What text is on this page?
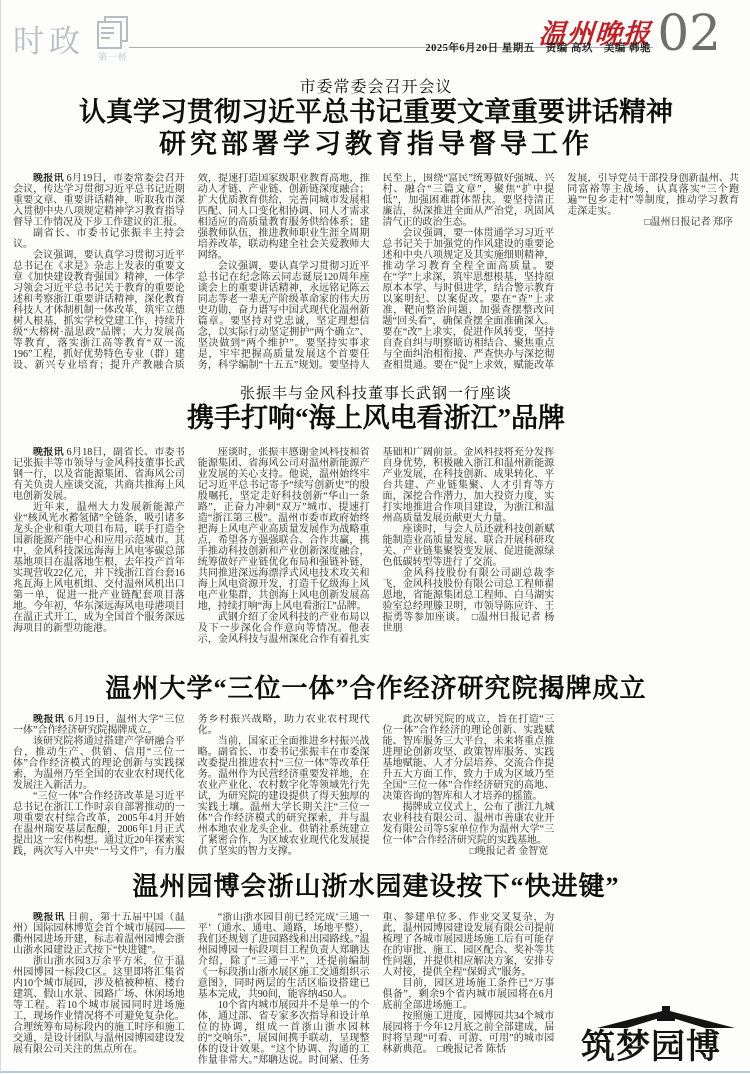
时政 第一桥
温州晚报
2025年6月20日 星期五　责编 高玖　美编 韩驰 02
市委常委会召开会议
认真学习贯彻习近平总书记重要文章重要讲话精神
研究部署学习教育指导督导工作

晚报讯 6月19日，市委常委会召开会议，传达学习贯彻习近平总书记近期重要文章、重要讲话精神，听取我市深入贯彻中央八项规定精神学习教育指导督导工作情况及下步工作建议的汇报。

副省长、市委书记张振丰主持会议。

会议强调，要认真学习贯彻习近平总书记在《求是》杂志上发表的重要文章《加快建设教育强国》精神，一体学习领会习近平总书记关于教育的重要论述和考察浙江重要讲话精神，深化教育科技人才体制机制一体改革，筑牢立德树人根基，抓实学校党建工作，持续升级“大榕树·温思政”品牌；大力发展高等教育，落实浙江高等教育“双一流196”工程，抓好优势特色专业（群）建设、新兴专业培育；提升产教融合质效，提速打造国家级职业教育高地，推动人才链、产业链、创新链深度融合；扩大优质教育供给，完善同城市发展相匹配、同人口变化相协调、同人才需求相适应的高质量教育服务供给体系；建强教师队伍，推进教师职业生涯全周期培养改革，联动构建全社会关爱教师大网络。

会议强调，要认真学习贯彻习近平总书记在纪念陈云同志诞辰120周年座谈会上的重要讲话精神，永远铭记陈云同志等老一辈无产阶级革命家的伟大历史功勋，奋力谱写中国式现代化温州新篇章。要坚持对党忠诚，坚定理想信念，以实际行动坚定拥护“两个确立”、坚决做到“两个维护”。要坚持实事求是，牢牢把握高质量发展这个首要任务，科学编制“十五五”规划。要坚持人民至上，围绕“富民”统筹做好强城、兴村、融合“三篇文章”，聚焦“扩中提低”，加强困难群体帮扶。要坚持清正廉洁，纵深推进全面从严治党，巩固风清气正的政治生态。

会议强调，要一体贯通学习习近平总书记关于加强党的作风建设的重要论述和中央八项规定及其实施细则精神，推动学习教育全程全面高质量。要在“学”上求深，筑牢思想根基，坚持原原本本学、与时俱进学，结合警示教育以案明纪、以案促改。要在“查”上求准，靶向整治问题，加强查摆整改问题“回头看”，确保查摆全面准确深入。要在“改”上求实，促进作风转变，坚持自查自纠与明察暗访相结合、聚焦重点与全面纠治相衔接、严查快办与深挖彻查相贯通。要在“促”上求效，赋能改革发展，引导党员干部投身创新温州、共同富裕等主战场，认真落实“三个跑遍”“包乡走村”等制度，推动学习教育走深走实。

□温州日报记者 郑序

张振丰与金风科技董事长武钢一行座谈
携手打响“海上风电看浙江”品牌

晚报讯 6月18日，副省长、市委书记张振丰等市领导与金风科技董事长武钢一行，以及省能源集团、省海风公司有关负责人座谈交流，共商共推海上风电创新发展。

近年来，温州大力发展新能源产业“核风光水蓄氢储”全链条，吸引诸多龙头企业和重大项目布局，联手打造全国新能源产能中心和应用示范城市。其中，金风科技深远海海上风电零碳总部基地项目在温落地生根，去年投产首年实现营收22亿元，并下线浙江首台套16兆瓦海上风电机组、交付温州风机出口第一单，促进一批产业链配套项目落地。今年初，华东深远海风电母港项目在温正式开工，成为全国首个服务深远海项目的新型功能港。

座谈时，张振丰感谢金风科技和省能源集团、省海风公司对温州新能源产业发展的关心支持。他说，温州始终牢记习近平总书记寄予“续写创新史”的殷殷嘱托，坚定走好科技创新“华山一条路”，正奋力冲刺“双万”城市、提速打造“浙江第三极”。温州市委市政府始终把海上风电产业高质量发展作为战略重点，希望各方强强联合、合作共赢，携手推动科技创新和产业创新深度融合，统筹做好产业链优化布局和强链补链，共同推进深远海漂浮式风电技术攻关和海上风电资源开发，打造千亿级海上风电产业集群，共创海上风电创新发展高地，持续打响“海上风电看浙江”品牌。

武钢介绍了金风科技的产业布局以及下一步深化合作意向等情况。他表示，金风科技与温州深化合作有着扎实基础和广阔前景。金风科技将充分发挥自身优势，积极融入浙江和温州新能源产业发展，在科技创新、成果转化、平台共建、产业链集聚、人才引育等方面，深挖合作潜力，加大投资力度，实打实地推进合作项目建设，为浙江和温州高质量发展贡献更大力量。

座谈时，与会人员还就科技创新赋能制造业高质量发展、联合开展科研攻关、产业链集聚裂变发展、促进能源绿色低碳转型等进行了交流。

金风科技股份有限公司副总裁李飞，金风科技股份有限公司总工程师翟恩地，省能源集团总工程师、白马湖实验室总经理滕卫明，市领导陈应许、王振勇等参加座谈。　□温州日报记者 杨世朋

温州大学“三位一体”合作经济研究院揭牌成立

晚报讯 6月19日，温州大学“三位一体”合作经济研究院揭牌成立。

该研究院将通过搭建产学研融合平台，推动生产、供销、信用“三位一体”合作经济模式的理论创新与实践探索，为温州乃至全国的农业农村现代化发展注入新活力。

“三位一体”合作经济改革是习近平总书记在浙江工作时亲自部署推动的一项重要农村综合改革，2005年4月开始在温州瑞安基层酝酿，2006年1月正式提出这一宏伟构想。通过近20年探索实践，两次写入中央“一号文件”，有力服务乡村振兴战略，助力农业农村现代化。

当前，国家正全面推进乡村振兴战略。副省长、市委书记张振丰在市委深改委提出推进农村“三位一体”等改革任务。温州作为民营经济重要发祥地，在农业产业化、农村数字化等领域先行先试，为研究院的建设提供了得天独厚的实践土壤。温州大学长期关注“三位一体”合作经济模式的研究探索，并与温州本地农业龙头企业、供销社系统建立了紧密合作，为区域农业现代化发展提供了坚实的智力支撑。

此次研究院的成立，旨在打造“三位一体”合作经济的理论创新、实践赋能、智库服务三大平台，未来将重点推进理论创新攻坚、政策智库服务、实践基地赋能、人才分层培养、交流合作提升五大方面工作，致力于成为区域乃至全国“三位一体”合作经济研究的高地、决策咨询的智库和人才培养的摇篮。

揭牌成立仪式上，公布了浙江九城农业科技有限公司、温州市善康农业开发有限公司等5家单位作为温州大学“三位一体”合作经济研究院的实践基地。

□晚报记者 金智宽

温州园博会浙山浙水园建设按下“快进键”

晚报讯 日前，第十五届中国（温州）国际园林博览会首个城市展园——衢州园进场开建，标志着温州园博会浙山浙水园建设正式按下“快进键”。

浙山浙水园3万余平方米，位于温州园博园一标段C区。这里即将汇集省内10个城市展园，涉及植被种植、楼台建筑、假山水景、园路广场、休闲场地等工程。若10个城市展园同时进场施工，现场作业情况将不可避免复杂化。合理统筹布局标段内的施工时序和施工交通，是设计团队与温州园博园建设发展有限公司关注的焦点所在。

“浙山浙水园目前已经完成‘三通一平’（通水、通电、通路，场地平整），我们还规划了进园路线和出园路线。”温州园博园一标段项目工程负责人郑聃达介绍，除了“三通一平”，还提前编制《一标段浙山浙水展区施工交通组织示意图》，同时两层的生活区临设搭建已基本完成，共90间，能容纳450人。

10个省内城市展园并不是单一的个体，通过部、省专家多次指导和设计单位的协调，组成一首浙山浙水园林的“交响乐”，展园间携手联动，呈现整体的设计效果。“这个协调、沟通的工作量非常大。”郑聃达说。时间紧、任务重、参建单位多、作业交叉复杂，为此，温州园博园建设发展有限公司提前梳理了各城市展园进场施工后有可能存在的审批、施工、园区配合、奖补等共性问题，并提供相应解决方案，安排专人对接，提供全程“保姆式”服务。

目前，园区进场施工条件已“万事俱备”，剩余9个省内城市展园将在6月底前全部进场施工。

按照施工进度，园博园共34个城市展园将于今年12月底之前全部建成，届时将呈现“可看、可游、可用”的城市园林新典范。　□晚报记者 陈恬	筑梦园博
